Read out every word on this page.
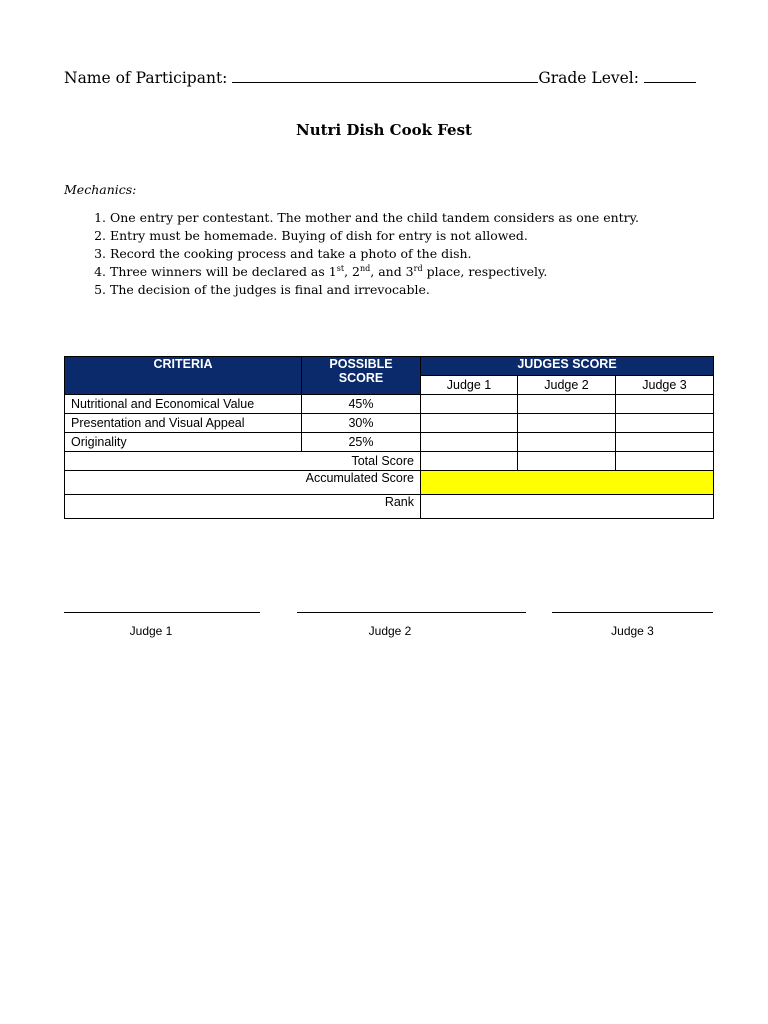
Name of Participant:	Grade Level:
Nutri Dish Cook Fest
Mechanics:
1. One entry per contestant. The mother and the child tandem considers as one entry.
2. Entry must be homemade. Buying of dish for entry is not allowed.
3. Record the cooking process and take a photo of the dish.
4. Three winners will be declared as 1st, 2nd, and 3rd place, respectively.
5. The decision of the judges is final and irrevocable.
CRITERIA	POSSIBLE SCORE	JUDGES SCORE		
		Judge 1	Judge 2	Judge 3
Nutritional and Economical Value	45%			
Presentation and Visual Appeal	30%			
Originality	25%			
Total Score				
Accumulated Score				
Rank				
Judge 1	Judge 2	Judge 3
